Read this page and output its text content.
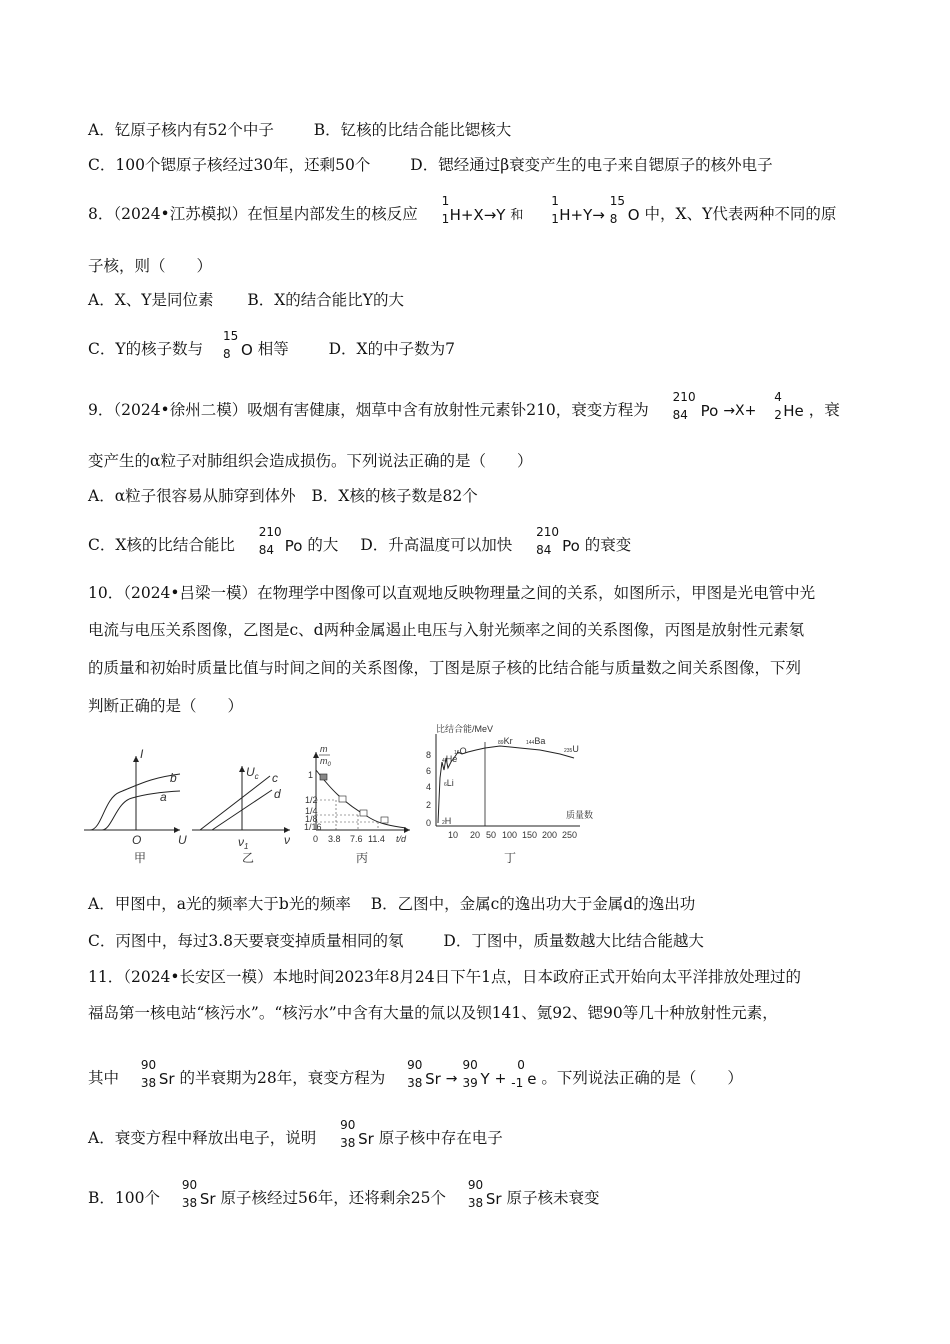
A．钇原子核内有52个中子	B．钇核的比结合能比锶核大
C．100个锶原子核经过30年，还剩50个	D．锶经通过β衰变产生的电子来自锶原子的核外电子
8．（2024•江苏模拟）在恒星内部发生的核反应
1
1 H+X→Y 和
1
1 H+Y→
15
8 O 中，X、Y代表两种不同的原
子核，则（　　）
A．X、Y是同位素 B．X的结合能比Y的大
C．Y的核子数与
15
8 O 相等	D．X的中子数为7
9．（2024•徐州二模）吸烟有害健康，烟草中含有放射性元素钋210，衰变方程为
210
84 Po →X+
4
2 He ，衰
变产生的α粒子对肺组织会造成损伤。下列说法正确的是（　　）
A．α粒子很容易从肺穿到体外 B．X核的核子数是82个
C．X核的比结合能比
210
84 Po 的大 D．升高温度可以加快
210
84 Po 的衰变
10．（2024•吕梁一模）在物理学中图像可以直观地反映物理量之间的关系，如图所示，甲图是光电管中光
电流与电压关系图像，乙图是c、d两种金属遏止电压与入射光频率之间的关系图像，丙图是放射性元素氡
的质量和初始时质量比值与时间之间的关系图像，丁图是原子核的比结合能与质量数之间关系图像，下列
判断正确的是（　　）
I
b
a
O	U
甲
$U_c$ c
d
$\nu_1$	ν
乙
m
$m_0$
1
1/2
1/4
1/8
1/16
0 3.8 7.6 11.4 t/d
丙
比结合能/MeV
8
6
4
2
0
10 20 50 100 150 200 250
质量数
4He
16O
6Li
2H
89Kr	144Ba
235U
丁
A．甲图中，a光的频率大于b光的频率 B．乙图中，金属c的逸出功大于金属d的逸出功
C．丙图中，每过3.8天要衰变掉质量相同的氡	D．丁图中，质量数越大比结合能越大
11．（2024•长安区一模）本地时间2023年8月24日下午1点，日本政府正式开始向太平洋排放处理过的
福岛第一核电站“核污水”。“核污水”中含有大量的氚以及钡141、氪92、锶90等几十种放射性元素，
其中
90
38 Sr 的半衰期为28年，衰变方程为
90
38 Sr →
90
39 Y +
0
-1 e 。下列说法正确的是（　　）
A．衰变方程中释放出电子，说明
90
38 Sr 原子核中存在电子
B．100个
90
38 Sr 原子核经过56年，还将剩余25个
90
38 Sr 原子核未衰变
